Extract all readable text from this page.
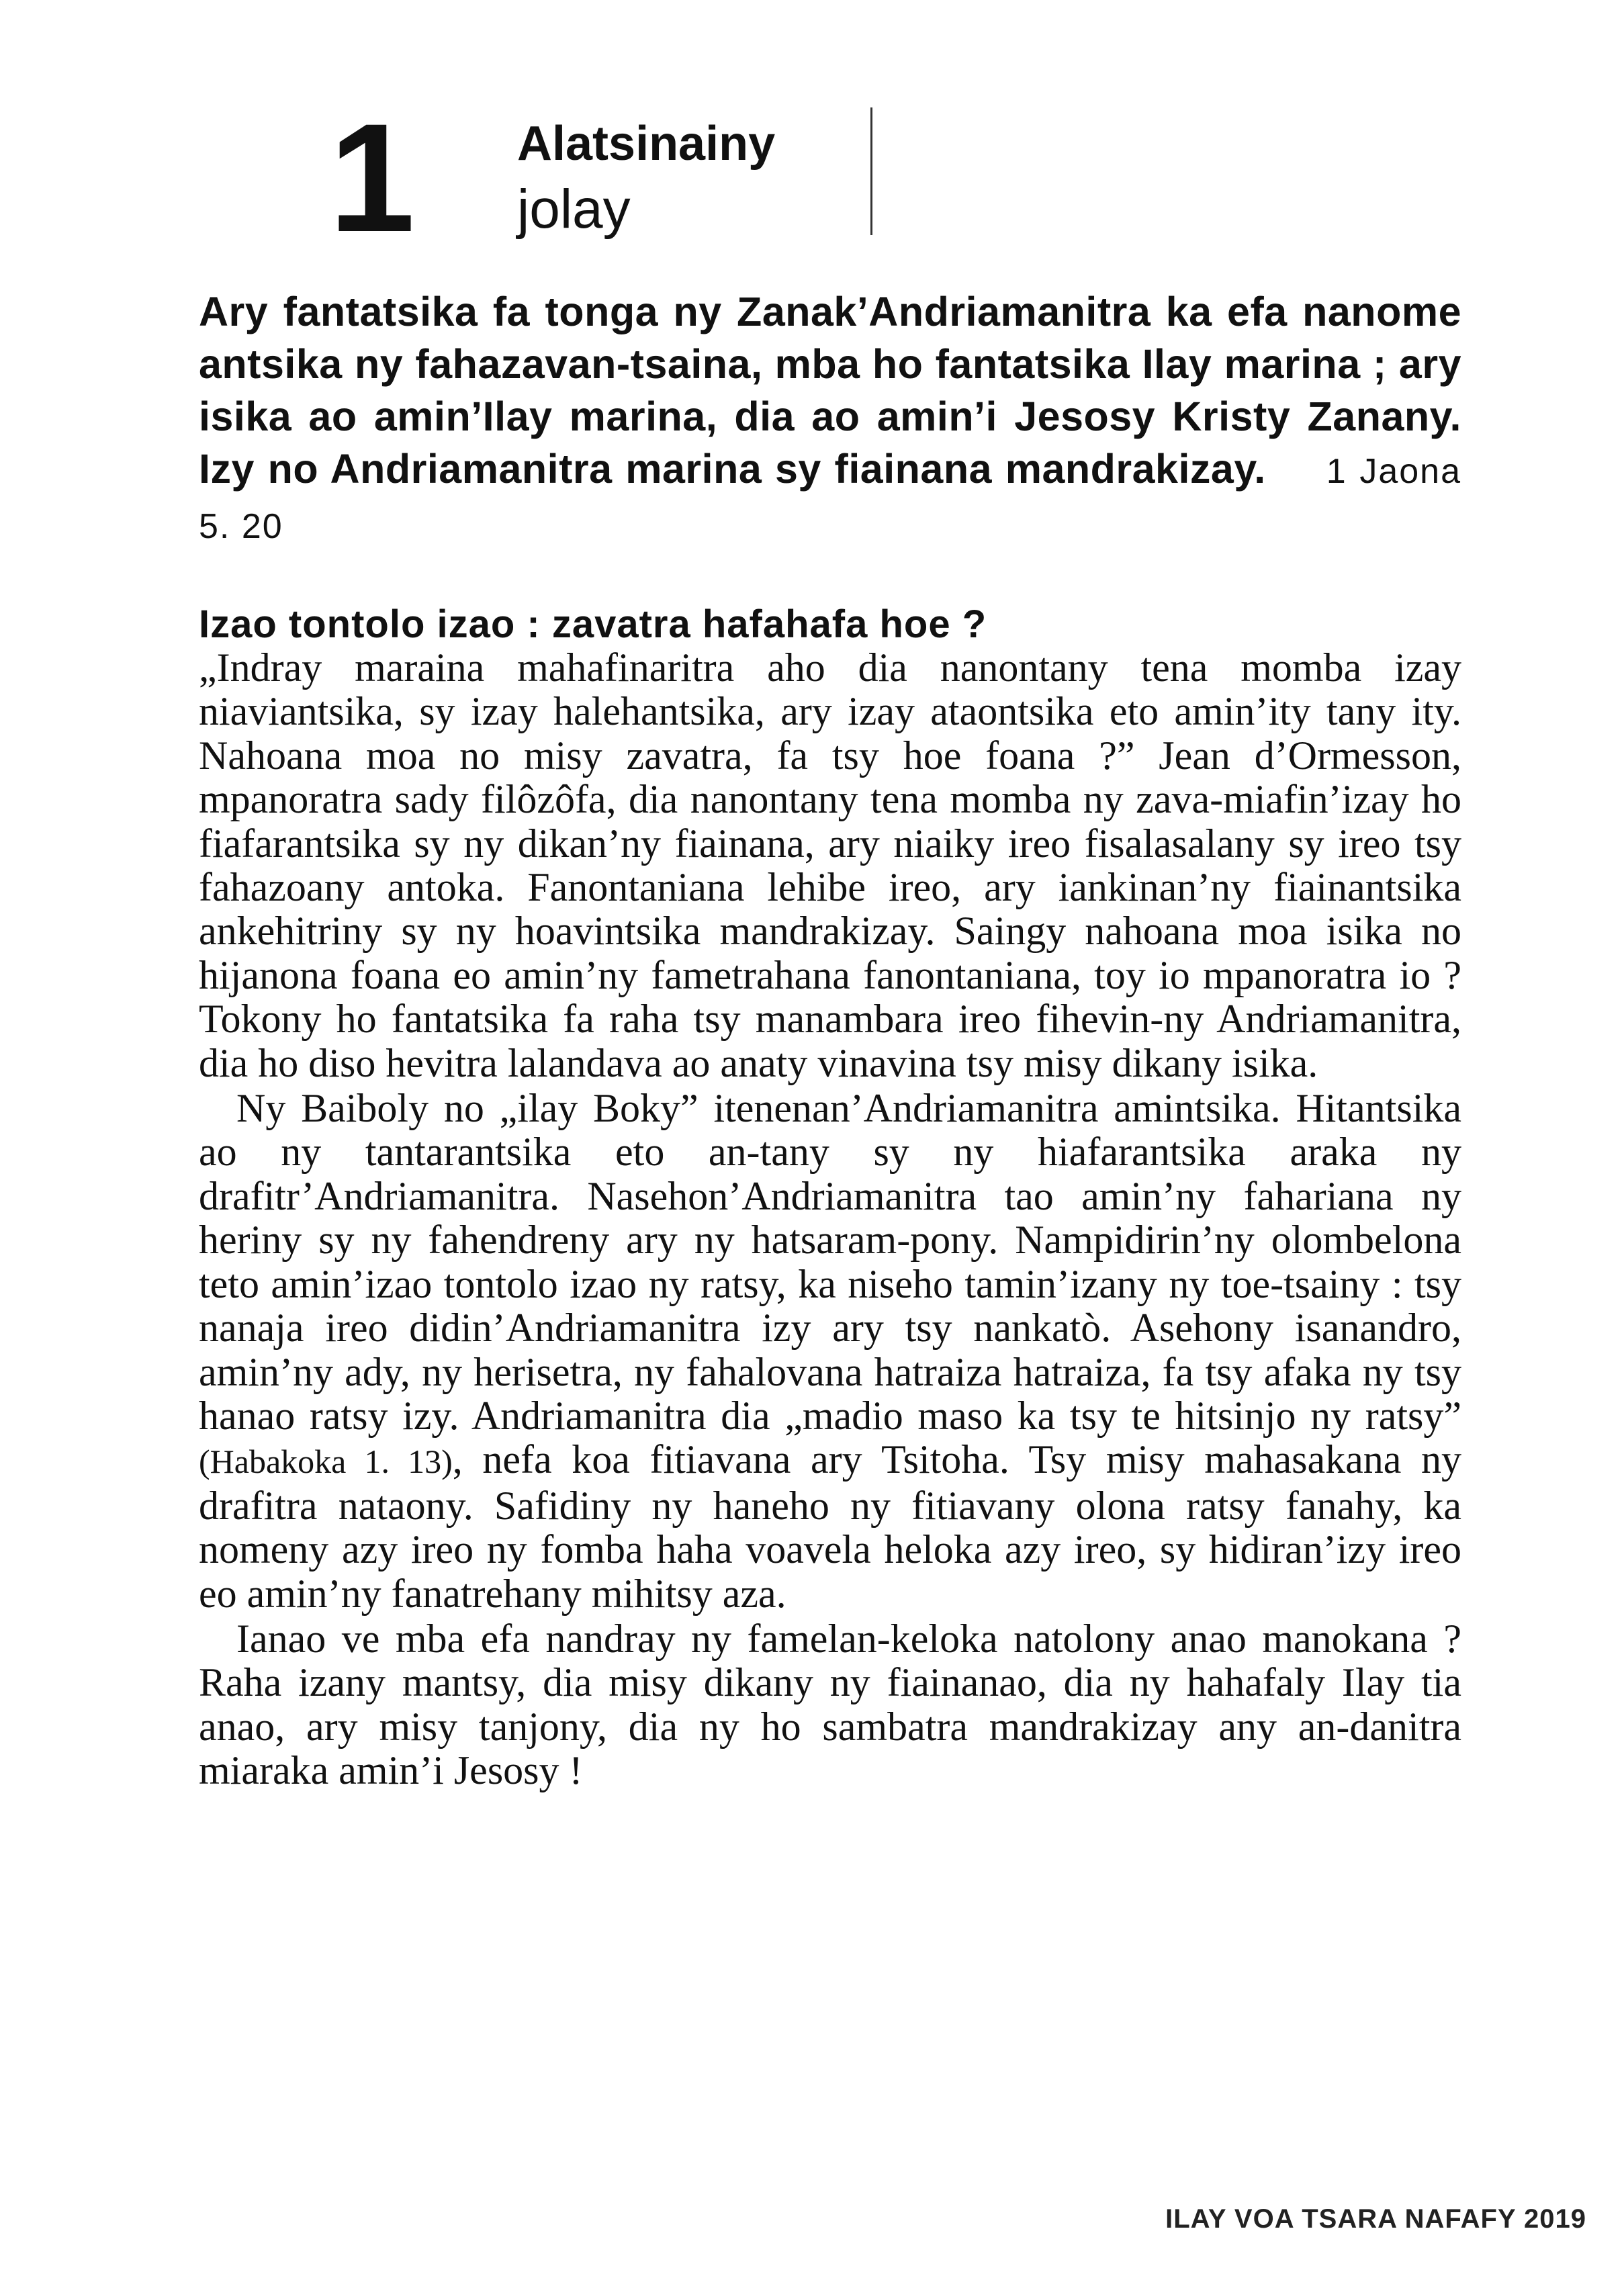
1 Alatsinainy
jolay
Ary fantatsika fa tonga ny Zanak’Andriamanitra ka efa nanome antsika ny fahazavan-tsaina, mba ho fantatsika Ilay marina ; ary isika ao amin’Ilay marina, dia ao amin’i Jesosy Kristy Zanany. Izy no Andriamanitra marina sy fiainana mandrakizay. 1 Jaona 5. 20
Izao tontolo izao : zavatra hafahafa hoe ?

„Indray maraina mahafinaritra aho dia nanontany tena momba izay niaviantsika, sy izay halehantsika, ary izay ataontsika eto amin’ity tany ity. Nahoana moa no misy zavatra, fa tsy hoe foana ?” Jean d’Ormesson, mpanoratra sady filôzôfa, dia nanontany tena momba ny zava-miafin’izay ho fiafarantsika sy ny dikan’ny fiainana, ary niaiky ireo fisalasalany sy ireo tsy fahazoany antoka. Fanontaniana lehibe ireo, ary iankinan’ny fiainantsika ankehitriny sy ny hoavintsika mandrakizay. Saingy nahoana moa isika no hijanona foana eo amin’ny fametrahana fanontaniana, toy io mpanoratra io ? Tokony ho fantatsika fa raha tsy manambara ireo fihevin-ny Andriamanitra, dia ho diso hevitra lalandava ao anaty vinavina tsy misy dikany isika.

Ny Baiboly no „ilay Boky” itenenan’Andriamanitra amintsika. Hitantsika ao ny tantarantsika eto an-tany sy ny hiafarantsika araka ny drafitr’Andriamanitra. Nasehon’Andriamanitra tao amin’ny fahariana ny heriny sy ny fahendreny ary ny hatsaram-pony. Nampidirin’ny olombelona teto amin’izao tontolo izao ny ratsy, ka niseho tamin’izany ny toe-tsainy : tsy nanaja ireo didin’Andriamanitra izy ary tsy nankatò. Asehony isanandro, amin’ny ady, ny herisetra, ny fahalovana hatraiza hatraiza, fa tsy afaka ny tsy hanao ratsy izy. Andriamanitra dia „madio maso ka tsy te hitsinjo ny ratsy” (Habakoka 1. 13), nefa koa fitiavana ary Tsitoha. Tsy misy mahasakana ny drafitra nataony. Safidiny ny haneho ny fitiavany olona ratsy fanahy, ka nomeny azy ireo ny fomba haha voavela heloka azy ireo, sy hidiran’izy ireo eo amin’ny fanatrehany mihitsy aza.

Ianao ve mba efa nandray ny famelan-keloka natolony anao manokana ? Raha izany mantsy, dia misy dikany ny fiainanao, dia ny hahafaly Ilay tia anao, ary misy tanjony, dia ny ho sambatra mandrakizay any an-danitra miaraka amin’i Jesosy !

ILAY VOA TSARA NAFAFY 2019
